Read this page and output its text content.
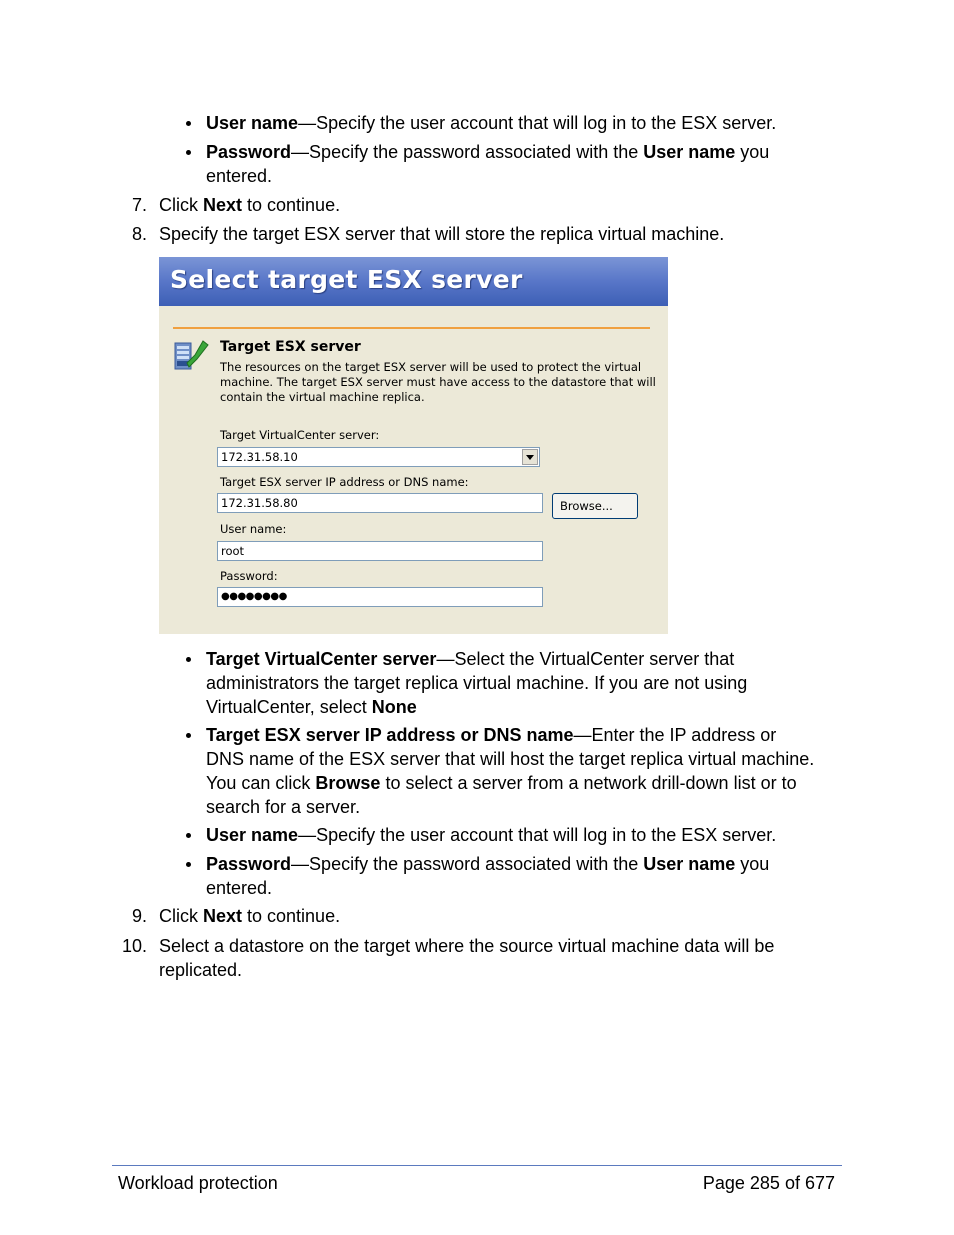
User name—Specify the user account that will log in to the ESX server.
Password—Specify the password associated with the User name you
entered.
7. Click Next to continue.
8. Specify the target ESX server that will store the replica virtual machine.
Select target ESX server
Target ESX server
The resources on the target ESX server will be used to protect the virtual machine. The target ESX server must have access to the datastore that will contain the virtual machine replica.
Target VirtualCenter server:
172.31.58.10
Target ESX server IP address or DNS name:
172.31.58.80	Browse...
User name:
root
Password:
●●●●●●●●
Target VirtualCenter server—Select the VirtualCenter server that
administrators the target replica virtual machine. If you are not using
VirtualCenter, select None
Target ESX server IP address or DNS name—Enter the IP address or
DNS name of the ESX server that will host the target replica virtual machine.
You can click Browse to select a server from a network drill-down list or to
search for a server.
User name—Specify the user account that will log in to the ESX server.
Password—Specify the password associated with the User name you
entered.
9. Click Next to continue.
10. Select a datastore on the target where the source virtual machine data will be
replicated.
Workload protection	Page 285 of 677
